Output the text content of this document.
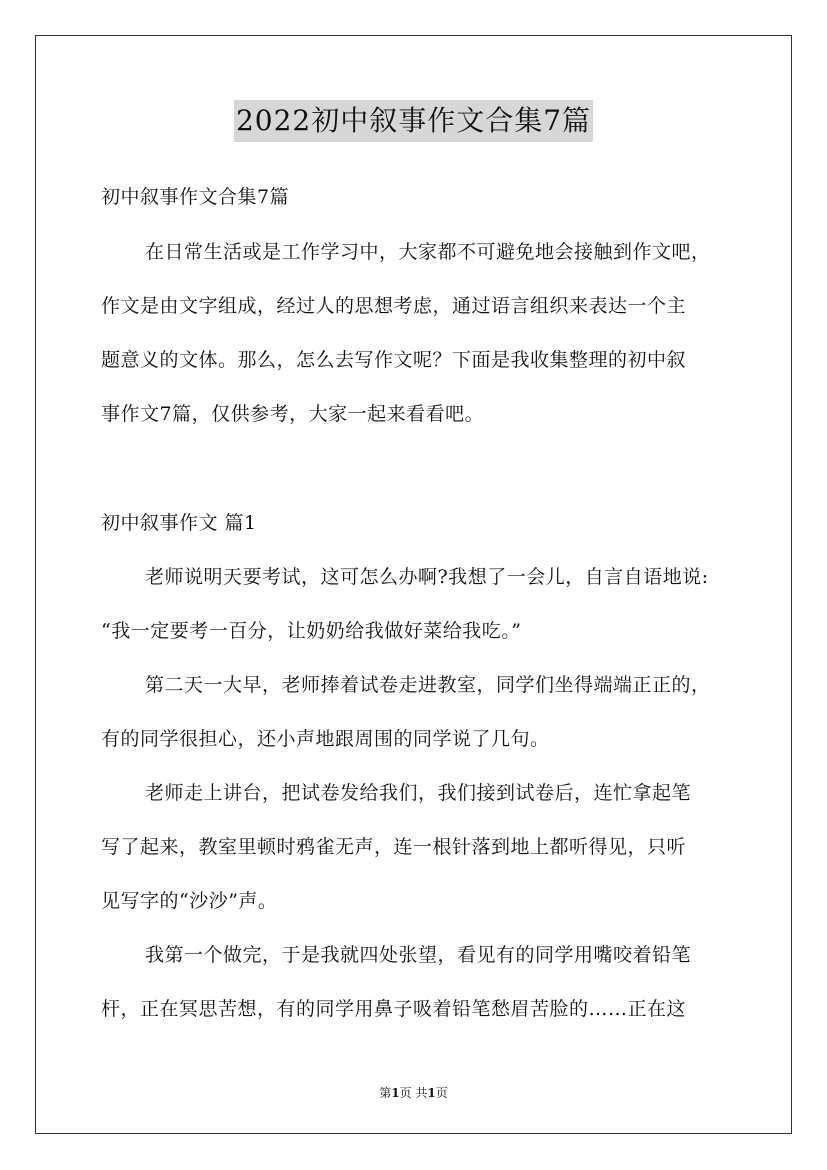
2022初中叙事作文合集7篇
初中叙事作文合集7篇
在日常生活或是工作学习中，大家都不可避免地会接触到作文吧，
作文是由文字组成，经过人的思想考虑，通过语言组织来表达一个主
题意义的文体。那么，怎么去写作文呢？下面是我收集整理的初中叙
事作文7篇，仅供参考，大家一起来看看吧。
初中叙事作文 篇1
老师说明天要考试，这可怎么办啊?我想了一会儿，自言自语地说:
“我一定要考一百分，让奶奶给我做好菜给我吃。”
第二天一大早，老师捧着试卷走进教室，同学们坐得端端正正的，
有的同学很担心，还小声地跟周围的同学说了几句。
老师走上讲台，把试卷发给我们，我们接到试卷后，连忙拿起笔
写了起来，教室里顿时鸦雀无声，连一根针落到地上都听得见，只听
见写字的“沙沙”声。
我第一个做完，于是我就四处张望，看见有的同学用嘴咬着铅笔
杆，正在冥思苦想，有的同学用鼻子吸着铅笔愁眉苦脸的……正在这
第1页 共1页
